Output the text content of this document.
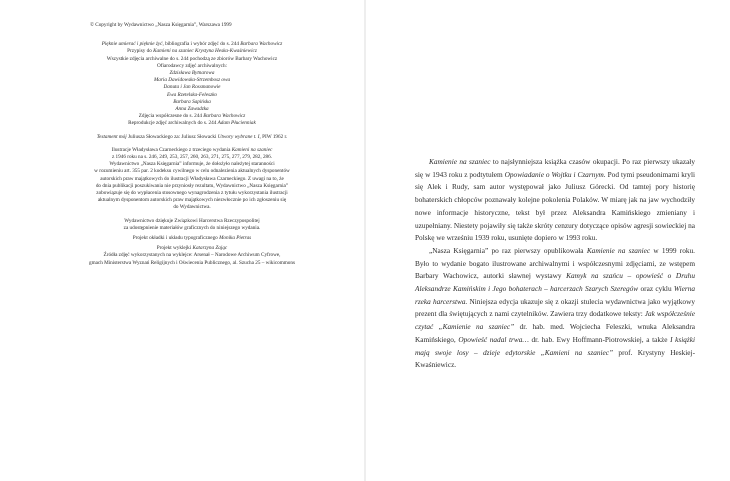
© Copyright by Wydawnictwo „Nasza Księgarnia”, Warszawa 1999

Pięknie umierać i pięknie żyć, bibliografia i wybór zdjęć do s. 244 Barbara Wachowicz

Przypisy do Kamieni na szaniec Krystyna Heska-Kwaśniewicz

Wszystkie zdjęcia archiwalne do s. 244 pochodzą ze zbiorów Barbary Wachowicz

Ofiarodawcy zdjęć archiwalnych:

Zdzisława Bytnarowa

Maria Dawidowska-Strzembosz owa

Danuta i Jan Rossmanowie

Ewa Rzetelska-Feleszko

Barbara Sapińska

Anna Zawadzka

Zdjęcia współczesne do s. 244 Barbara Wachowicz

Reprodukcje zdjęć archiwalnych do s. 244 Adam Płucienniak

Testament mój Juliusza Słowackiego za: Juliusz Słowacki Utwory wybrane t. I, PIW 1962 r.

Ilustracje Władysława Czarneckiego z trzeciego wydania Kamieni na szaniec

z 1946 roku na s. 246, 249, 253, 257, 260, 263, 271, 275, 277, 279, 282, 286.

Wydawnictwo „Nasza Księgarnia” informuje, że dołożyło należytej staranności

w rozumieniu art. 355 par. 2 kodeksu cywilnego w celu odnalezienia aktualnych dysponentów

autorskich praw majątkowych do ilustracji Władysława Czarneckiego. Z uwagi na to, że

do dnia publikacji poszukiwania nie przyniosły rezultatu, Wydawnictwo „Nasza Księgarnia”

zobowiązuje się do wypłacenia stosownego wynagrodzenia z tytułu wykorzystania ilustracji

aktualnym dysponentom autorskich praw majątkowych niezwłocznie po ich zgłoszeniu się

do Wydawnictwa.

Wydawnictwo dziękuje Związkowi Harcerstwa Rzeczypospolitej

za udostępnienie materiałów graficznych do niniejszego wydania.

Projekt okładki i układu typograficznego Monika Pietras

Projekt wyklejki Katarzyna Zając

Źródła zdjęć wykorzystanych na wyklejce: Arsenał – Narodowe Archiwum Cyfrowe,

gmach Ministerstwa Wyznań Religijnych i Oświecenia Publicznego, al. Szucha 25 – wikicommons

Kamienie na szaniec to najsłynniejsza książka czasów okupacji. Po raz pierwszy ukazały się w 1943 roku z podtytułem Opowiadanie o Wojtku i Czarnym. Pod tymi pseudonimami kryli się Alek i Rudy, sam autor występował jako Juliusz Górecki. Od tamtej pory historię bohaterskich chłopców poznawały kolejne pokolenia Polaków. W miarę jak na jaw wychodziły nowe informacje historyczne, tekst był przez Aleksandra Kamińskiego zmieniany i uzupełniany. Niestety pojawiły się także skróty cenzury dotyczące opisów agresji sowieckiej na Polskę we wrześniu 1939 roku, usunięte dopiero w 1993 roku.

„Nasza Księgarnia” po raz pierwszy opublikowała Kamienie na szaniec w 1999 roku. Było to wydanie bogato ilustrowane archiwalnymi i współczesnymi zdjęciami, ze wstępem Barbary Wachowicz, autorki sławnej wystawy Kamyk na szańcu – opowieść o Druhu Aleksandrze Kamińskim i Jego bohaterach – harcerzach Szarych Szeregów oraz cyklu Wierna rzeka harcerstwa. Niniejsza edycja ukazuje się z okazji stulecia wydawnictwa jako wyjątkowy prezent dla świętujących z nami czytelników. Zawiera trzy dodatkowe teksty: Jak współcześnie czytać „Kamienie na szaniec” dr. hab. med. Wojciecha Feleszki, wnuka Aleksandra Kamińskiego, Opowieść nadal trwa… dr. hab. Ewy Hoffmann-Piotrowskiej, a także I książki mają swoje losy – dzieje edytorskie „Kamieni na szaniec” prof. Krystyny Heskiej-Kwaśniewicz.
